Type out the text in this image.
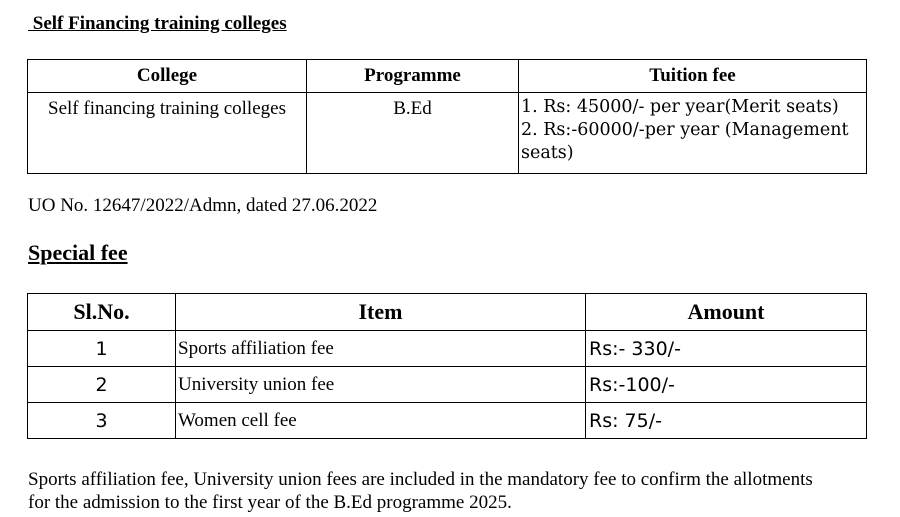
Self Financing training colleges
College	Programme	Tuition fee
Self financing training colleges	B.Ed	1. Rs: 45000/- per year(Merit seats)
2. Rs:-60000/-per year (Management
seats)
UO No. 12647/2022/Admn, dated 27.06.2022
Special fee
Sl.No.	Item	Amount
1	Sports affiliation fee	Rs:- 330/-
2	University union fee	Rs:-100/-
3	Women cell fee	Rs: 75/-
Sports affiliation fee, University union fees are included in the mandatory fee to confirm the allotments
for the admission to the first year of the B.Ed programme 2025.
